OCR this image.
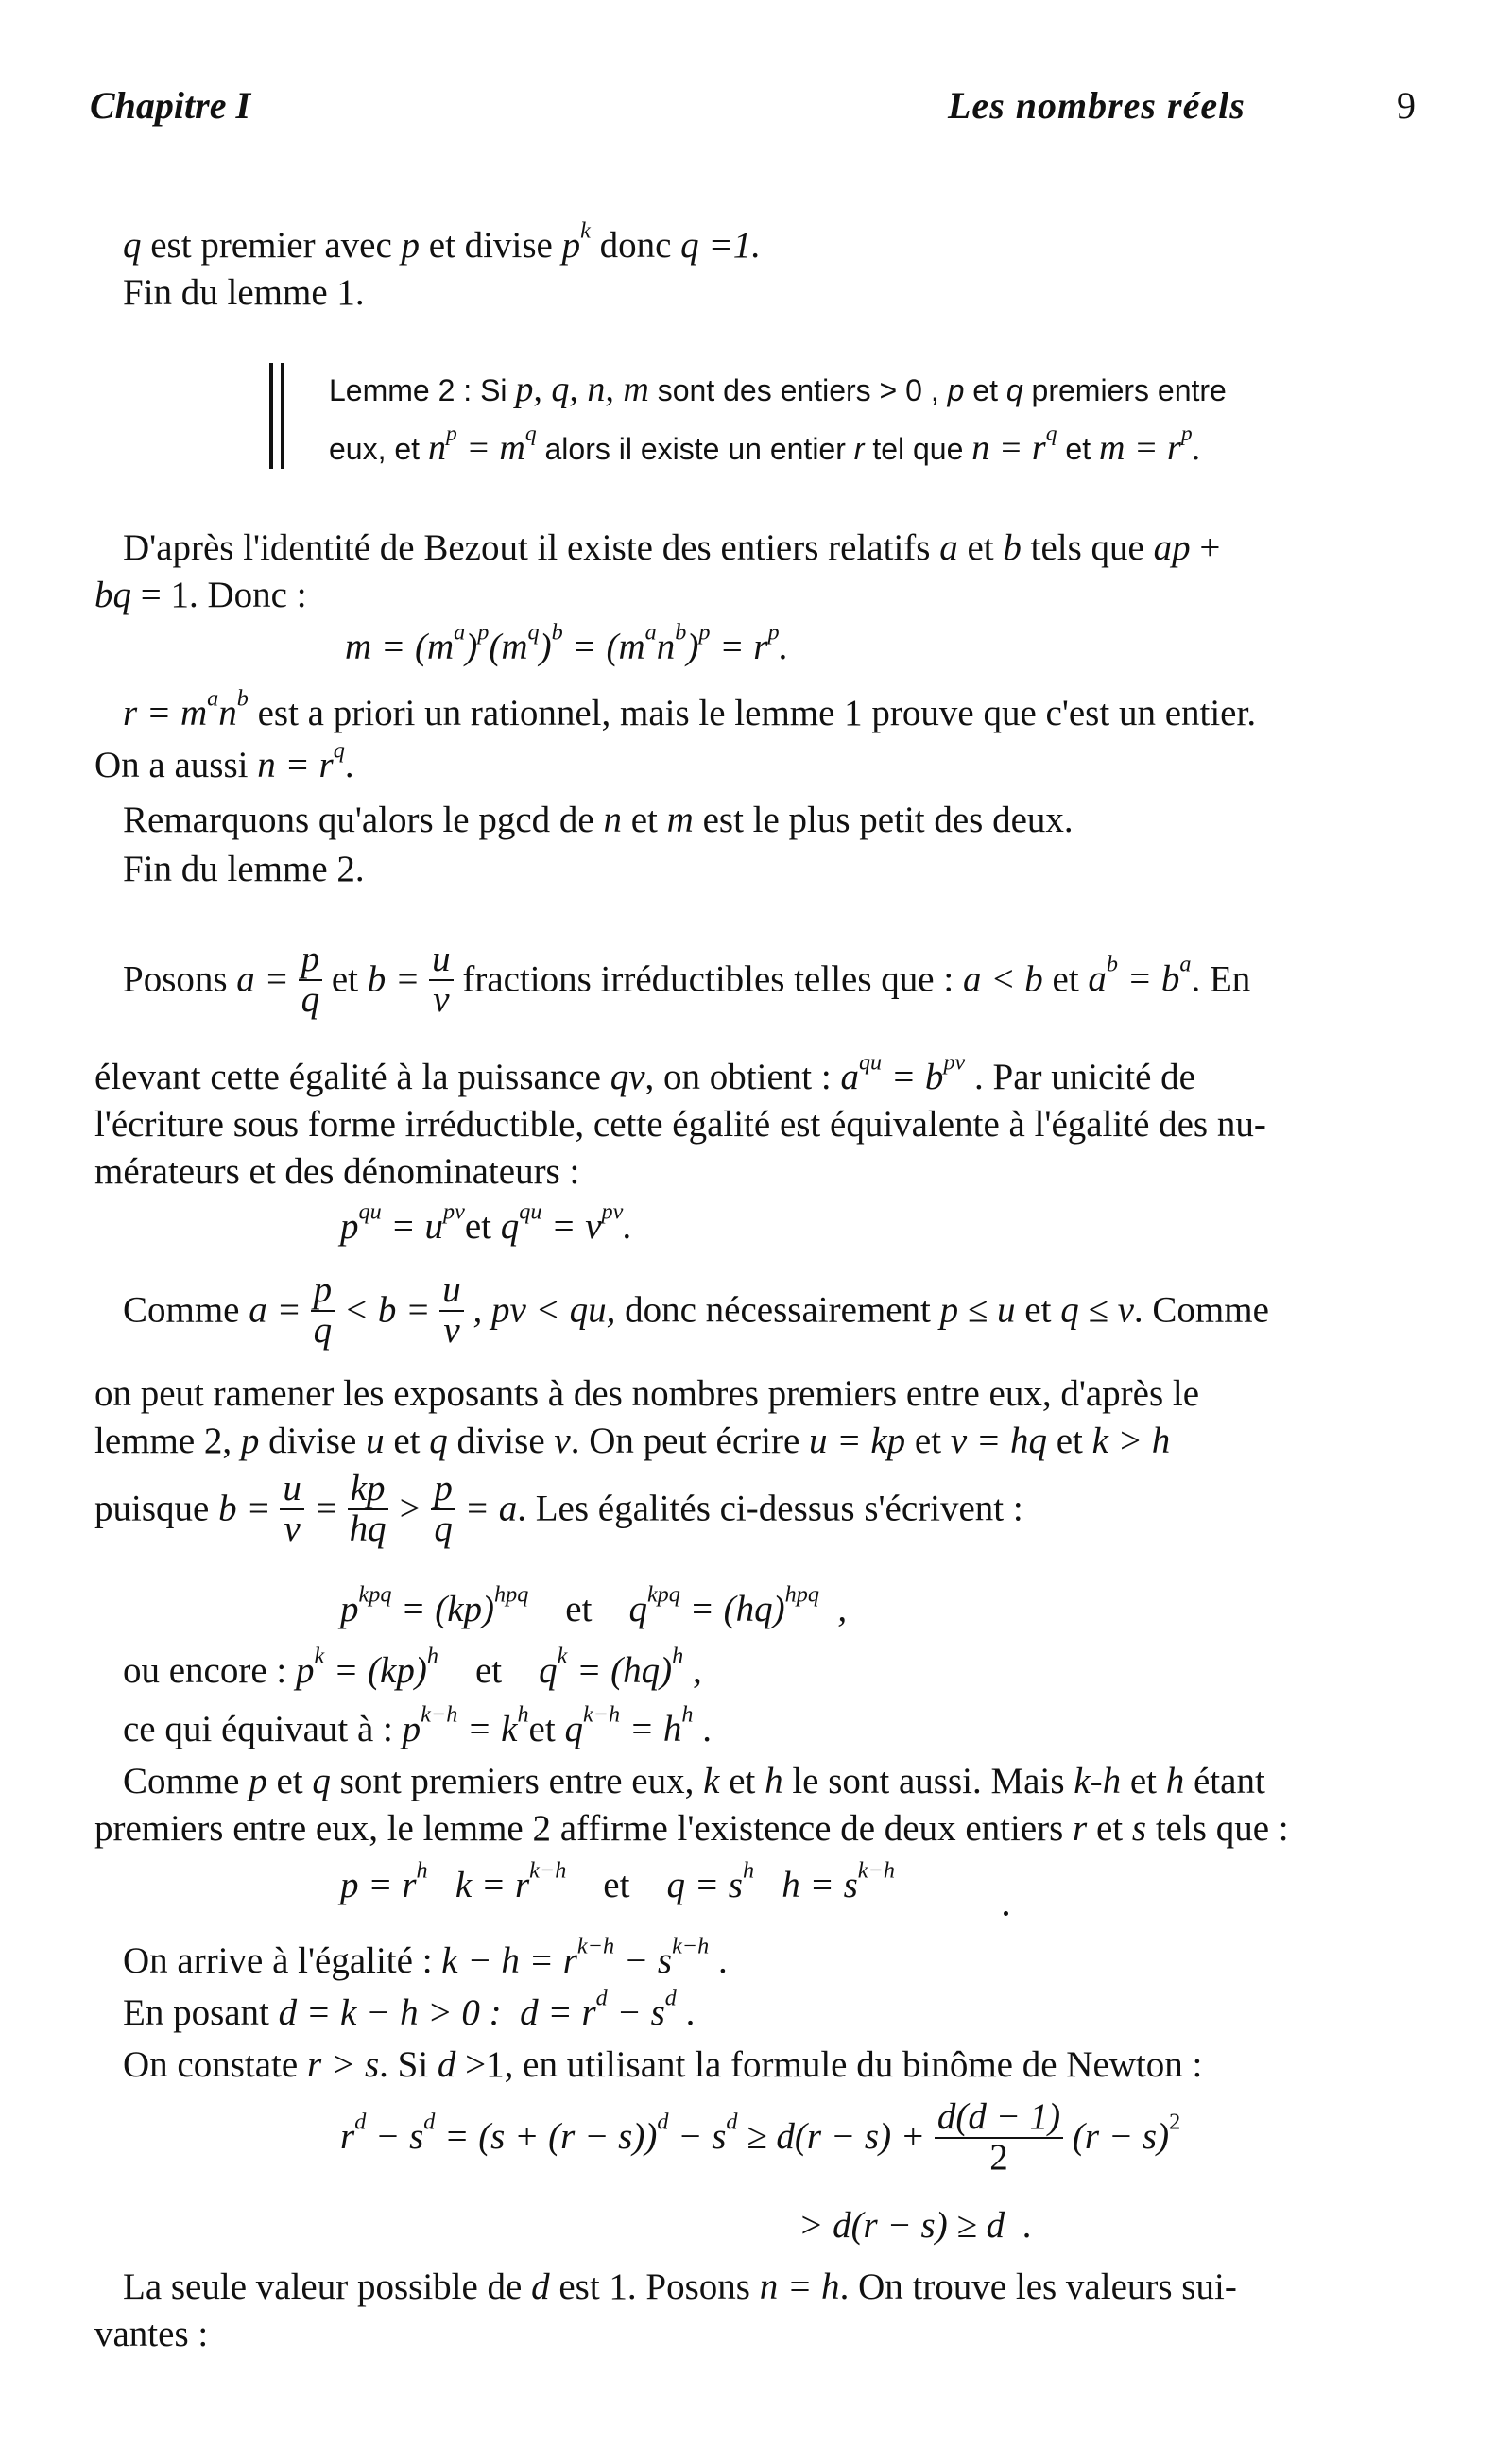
Chapitre I	Les nombres réels	9
q est premier avec p et divise $p^k$ donc q =1.
Fin du lemme 1.
Lemme 2 : Si p, q, n, m sont des entiers > 0 , p et q premiers entre
eux, et $n^p = m^q$ alors il existe un entier r tel que $n = r^q$ et $m = r^p$.
D'après l'identité de Bezout il existe des entiers relatifs a et b tels que ap +
bq = 1. Donc :
$m = (m^a)^p(m^q)^b = (m^an^b)^p = r^p$.
$r = m^an^b$ est a priori un rationnel, mais le lemme 1 prouve que c'est un entier.
On a aussi $n = r^q$.
Remarquons qu'alors le pgcd de n et m est le plus petit des deux.
Fin du lemme 2.
Posons $a = \frac{p}{q}$ et $b = \frac{u}{v}$ fractions irréductibles telles que : a < b et $a^b = b^a$. En
élevant cette égalité à la puissance qv, on obtient : $a^{qu} = b^{pv}$ . Par unicité de
l'écriture sous forme irréductible, cette égalité est équivalente à l'égalité des nu-
mérateurs et des dénominateurs :
$p^{qu} = u^{pv}et$ $q^{qu} = v^{pv}$.
Comme $a = \frac{p}{q} < b = \frac{u}{v}$ , pv < qu, donc nécessairement p ≤ u et q ≤ v. Comme
on peut ramener les exposants à des nombres premiers entre eux, d'après le
lemme 2, p divise u et q divise v. On peut écrire u = kp et v = hq et k > h
puisque $b = \frac{u}{v} = \frac{kp}{hq} > \frac{p}{q} = a$. Les égalités ci-dessus s'écrivent :
$p^{kpq} = (kp)^{hpq}$ et    $q^{kpq} = (hq)^{hpq}$  ,
ou encore : $p^k = (kp)^h$ et $q^k = (hq)^h$ ,
ce qui équivaut à : $p^{k-h} = k^het$ $q^{k-h} = h^h$ .
Comme p et q sont premiers entre eux, k et h le sont aussi. Mais k-h et h étant
premiers entre eux, le lemme 2 affirme l'existence de deux entiers r et s tels que :
$p = r^h$   $k = r^{k-h}$ et    $q = s^h$   $h = s^{k-h}$
On arrive à l'égalité : $k - h = r^{k-h} - s^{k-h}$ .
En posant d = k − h > 0 :  $d = r^d - s^d$ .
On constate r > s. Si d >1, en utilisant la formule du binôme de Newton :
$r^d - s^d = (s + (r - s))^d - s^d \ge d(r - s) + \frac{d(d - 1)}{2} (r - s)^2$
> d(r − s) ≥ d  .
La seule valeur possible de d est 1. Posons n = h. On trouve les valeurs sui-
vantes :
